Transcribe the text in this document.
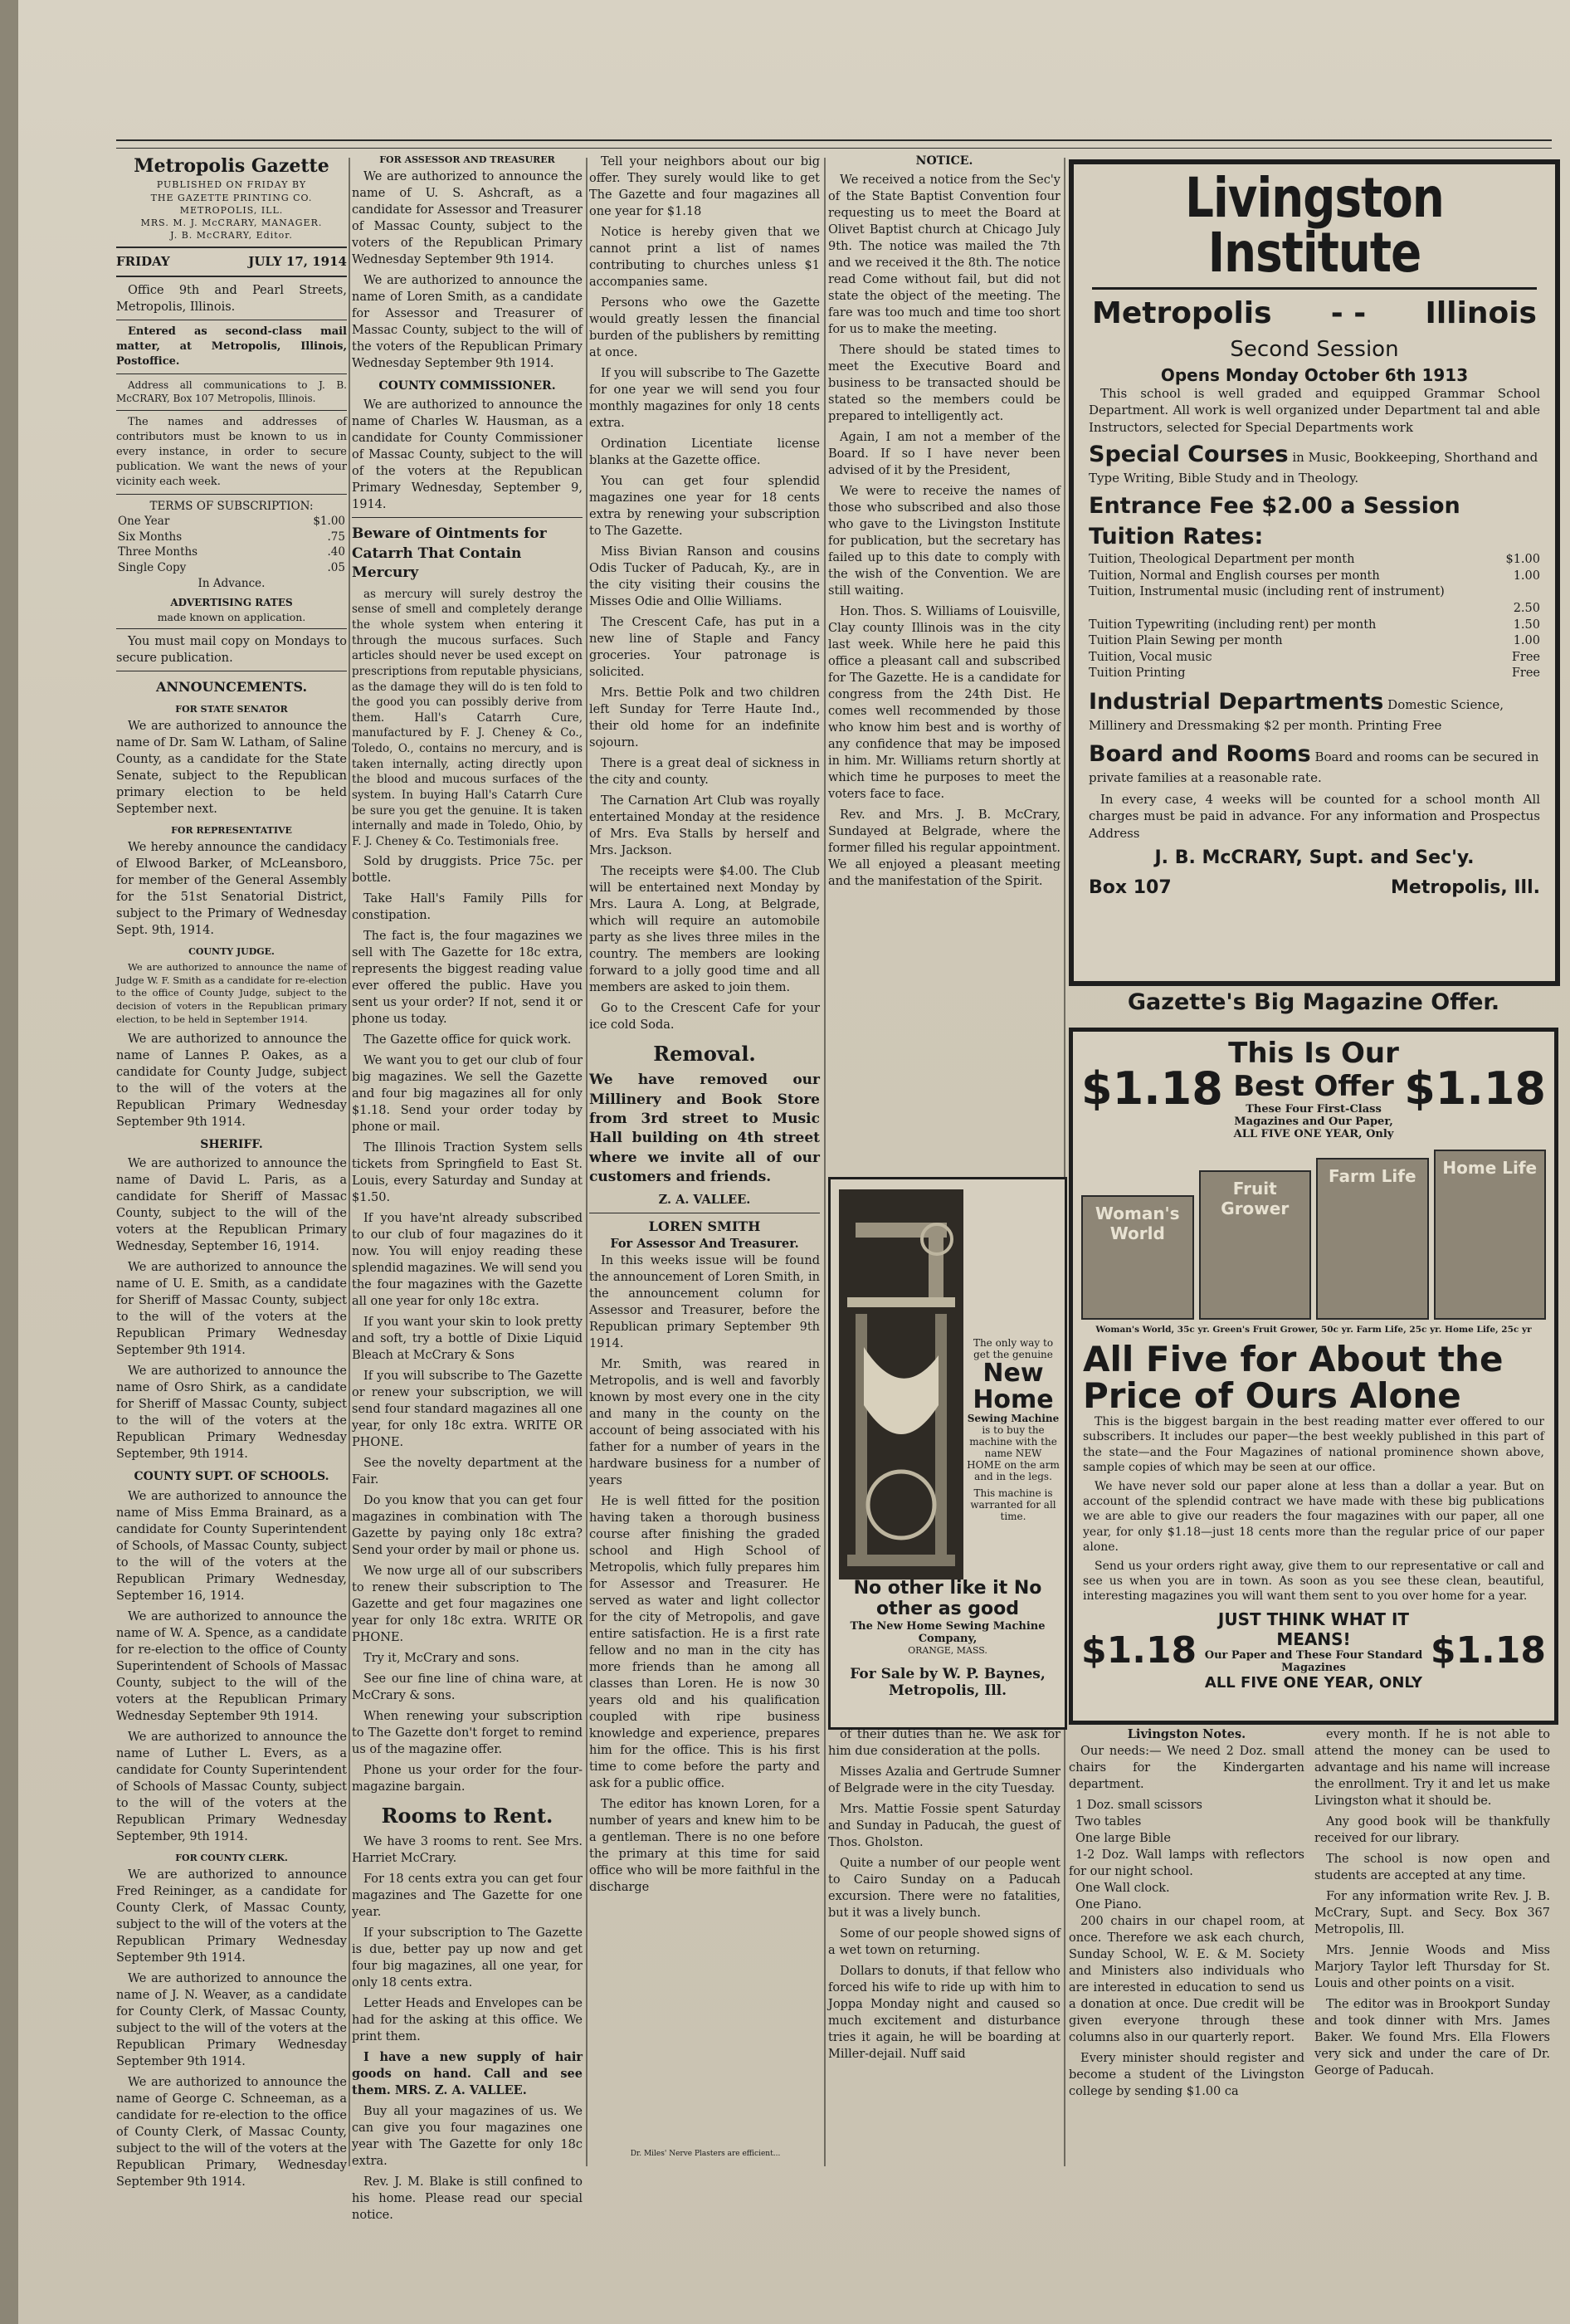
Metropolis Gazette
PUBLISHED ON FRIDAY BY
THE GAZETTE PRINTING CO.
METROPOLIS, ILL.
MRS. M. J. McCRARY, MANAGER.
J. B. McCRARY, Editor.
FRIDAY	JULY 17, 1914

Office 9th and Pearl Streets, Metropolis, Illinois.

Entered as second-class mail matter, at Metropolis, Illinois, Postoffice.

Address all communications to J. B. McCRARY, Box 107 Metropolis, Illinois.

The names and addresses of contributors must be known to us in every instance, in order to secure publication. We want the news of your vicinity each week.

TERMS OF SUBSCRIPTION:
One Year	$1.00
Six Months	.75
Three Months	.40
Single Copy	.05
In Advance.	
ADVERTISING RATES
made known on application.

You must mail copy on Mondays to secure publication.

ANNOUNCEMENTS.
FOR STATE SENATOR

We are authorized to announce the name of Dr. Sam W. Latham, of Saline County, as a candidate for the State Senate, subject to the Republican primary election to be held September next.

FOR REPRESENTATIVE

We hereby announce the candidacy of Elwood Barker, of McLeansboro, for member of the General Assembly for the 51st Senatorial District, subject to the Primary of Wednesday Sept. 9th, 1914.

COUNTY JUDGE.

We are authorized to announce the name of Judge W. F. Smith as a candidate for re-election to the office of County Judge, subject to the decision of voters in the Republican primary election, to be held in September 1914.

We are authorized to announce the name of Lannes P. Oakes, as a candidate for County Judge, subject to the will of the voters at the Republican Primary Wednesday September 9th 1914.

SHERIFF.

We are authorized to announce the name of David L. Paris, as a candidate for Sheriff of Massac County, subject to the will of the voters at the Republican Primary Wednesday, September 16, 1914.

We are authorized to announce the name of U. E. Smith, as a candidate for Sheriff of Massac County, subject to the will of the voters at the Republican Primary Wednesday September 9th 1914.

We are authorized to announce the name of Osro Shirk, as a candidate for Sheriff of Massac County, subject to the will of the voters at the Republican Primary Wednesday September, 9th 1914.

COUNTY SUPT. OF SCHOOLS.

We are authorized to announce the name of Miss Emma Brainard, as a candidate for County Superintendent of Schools, of Massac County, subject to the will of the voters at the Republican Primary Wednesday, September 16, 1914.

We are authorized to announce the name of W. A. Spence, as a candidate for re-election to the office of County Superintendent of Schools of Massac County, subject to the will of the voters at the Republican Primary Wednesday September 9th 1914.

We are authorized to announce the name of Luther L. Evers, as a candidate for County Superintendent of Schools of Massac County, subject to the will of the voters at the Republican Primary Wednesday September, 9th 1914.

FOR COUNTY CLERK.

We are authorized to announce Fred Reininger, as a candidate for County Clerk, of Massac County, subject to the will of the voters at the Republican Primary Wednesday September 9th 1914.

We are authorized to announce the name of J. N. Weaver, as a candidate for County Clerk, of Massac County, subject to the will of the voters at the Republican Primary Wednesday September 9th 1914.

We are authorized to announce the name of George C. Schneeman, as a candidate for re-election to the office of County Clerk, of Massac County, subject to the will of the voters at the Republican Primary, Wednesday September 9th 1914.

FOR ASSESSOR AND TREASURER

We are authorized to announce the name of U. S. Ashcraft, as a candidate for Assessor and Treasurer of Massac County, subject to the voters of the Republican Primary Wednesday September 9th 1914.

We are authorized to announce the name of Loren Smith, as a candidate for Assessor and Treasurer of Massac County, subject to the will of the voters of the Republican Primary Wednesday September 9th 1914.

COUNTY COMMISSIONER.

We are authorized to announce the name of Charles W. Hausman, as a candidate for County Commissioner of Massac County, subject to the will of the voters at the Republican Primary Wednesday, September 9, 1914.

Beware of Ointments for Catarrh That Contain Mercury

as mercury will surely destroy the sense of smell and completely derange the whole system when entering it through the mucous surfaces. Such articles should never be used except on prescriptions from reputable physicians, as the damage they will do is ten fold to the good you can possibly derive from them. Hall's Catarrh Cure, manufactured by F. J. Cheney & Co., Toledo, O., contains no mercury, and is taken internally, acting directly upon the blood and mucous surfaces of the system. In buying Hall's Catarrh Cure be sure you get the genuine. It is taken internally and made in Toledo, Ohio, by F. J. Cheney & Co. Testimonials free.

Sold by druggists. Price 75c. per bottle.

Take Hall's Family Pills for constipation.

The fact is, the four magazines we sell with The Gazette for 18c extra, represents the biggest reading value ever offered the public. Have you sent us your order? If not, send it or phone us today.

The Gazette office for quick work.

We want you to get our club of four big magazines. We sell the Gazette and four big magazines all for only $1.18. Send your order today by phone or mail.

The Illinois Traction System sells tickets from Springfield to East St. Louis, every Saturday and Sunday at $1.50.

If you have'nt already subscribed to our club of four magazines do it now. You will enjoy reading these splendid magazines. We will send you the four magazines with the Gazette all one year for only 18c extra.

If you want your skin to look pretty and soft, try a bottle of Dixie Liquid Bleach at McCrary & Sons

If you will subscribe to The Gazette or renew your subscription, we will send four standard magazines all one year, for only 18c extra. WRITE OR PHONE.

See the novelty department at the Fair.

Do you know that you can get four magazines in combination with The Gazette by paying only 18c extra? Send your order by mail or phone us.

We now urge all of our subscribers to renew their subscription to The Gazette and get four magazines one year for only 18c extra. WRITE OR PHONE.

Try it, McCrary and sons.

See our fine line of china ware, at McCrary & sons.

When renewing your subscription to The Gazette don't forget to remind us of the magazine offer.

Phone us your order for the four-magazine bargain.

Rooms to Rent.

We have 3 rooms to rent. See Mrs. Harriet McCrary.

For 18 cents extra you can get four magazines and The Gazette for one year.

If your subscription to The Gazette is due, better pay up now and get four big magazines, all one year, for only 18 cents extra.

Letter Heads and Envelopes can be had for the asking at this office. We print them.

I have a new supply of hair goods on hand. Call and see them. MRS. Z. A. VALLEE.

Buy all your magazines of us. We can give you four magazines one year with The Gazette for only 18c extra.

Rev. J. M. Blake is still confined to his home. Please read our special notice.

Tell your neighbors about our big offer. They surely would like to get The Gazette and four magazines all one year for $1.18

Notice is hereby given that we cannot print a list of names contributing to churches unless $1 accompanies same.

Persons who owe the Gazette would greatly lessen the financial burden of the publishers by remitting at once.

If you will subscribe to The Gazette for one year we will send you four monthly magazines for only 18 cents extra.

Ordination Licentiate license blanks at the Gazette office.

You can get four splendid magazines one year for 18 cents extra by renewing your subscription to The Gazette.

Miss Bivian Ranson and cousins Odis Tucker of Paducah, Ky., are in the city visiting their cousins the Misses Odie and Ollie Williams.

The Crescent Cafe, has put in a new line of Staple and Fancy groceries. Your patronage is solicited.

Mrs. Bettie Polk and two children left Sunday for Terre Haute Ind., their old home for an indefinite sojourn.

There is a great deal of sickness in the city and county.

The Carnation Art Club was royally entertained Monday at the residence of Mrs. Eva Stalls by herself and Mrs. Jackson.

The receipts were $4.00. The Club will be entertained next Monday by Mrs. Laura A. Long, at Belgrade, which will require an automobile party as she lives three miles in the country. The members are looking forward to a jolly good time and all members are asked to join them.

Go to the Crescent Cafe for your ice cold Soda.

Removal.

We have removed our Millinery and Book Store from 3rd street to Music Hall building on 4th street where we invite all of our customers and friends.

Z. A. VALLEE.
LOREN SMITH
For Assessor And Treasurer.

In this weeks issue will be found the announcement of Loren Smith, in the announcement column for Assessor and Treasurer, before the Republican primary September 9th 1914.

Mr. Smith, was reared in Metropolis, and is well and favorbly known by most every one in the city and many in the county on the account of being associated with his father for a number of years in the hardware business for a number of years

He is well fitted for the position having taken a thorough business course after finishing the graded school and High School of Metropolis, which fully prepares him for Assessor and Treasurer. He served as water and light collector for the city of Metropolis, and gave entire satisfaction. He is a first rate fellow and no man in the city has more friends than he among all classes than Loren. He is now 30 years old and his qualification coupled with ripe business knowledge and experience, prepares him for the office. This is his first time to come before the party and ask for a public office.

The editor has known Loren, for a number of years and knew him to be a gentleman. There is no one before the primary at this time for said office who will be more faithful in the discharge

Dr. Miles' Nerve Plasters are efficient...
NOTICE.

We received a notice from the Sec'y of the State Baptist Convention four requesting us to meet the Board at Olivet Baptist church at Chicago July 9th. The notice was mailed the 7th and we received it the 8th. The notice read Come without fail, but did not state the object of the meeting. The fare was too much and time too short for us to make the meeting.

There should be stated times to meet the Executive Board and business to be transacted should be stated so the members could be prepared to intelligently act.

Again, I am not a member of the Board. If so I have never been advised of it by the President,

We were to receive the names of those who subscribed and also those who gave to the Livingston Institute for publication, but the secretary has failed up to this date to comply with the wish of the Convention. We are still waiting.

Hon. Thos. S. Williams of Louisville, Clay county Illinois was in the city last week. While here he paid this office a pleasant call and subscribed for The Gazette. He is a candidate for congress from the 24th Dist. He comes well recommended by those who know him best and is worthy of any confidence that may be imposed in him. Mr. Williams return shortly at which time he purposes to meet the voters face to face.

Rev. and Mrs. J. B. McCrary, Sundayed at Belgrade, where the former filled his regular appointment. We all enjoyed a pleasant meeting and the manifestation of the Spirit.

The only way to get the genuine
New Home
Sewing Machine
is to buy the machine with the name NEW HOME on the arm and in the legs.
This machine is warranted for all time.
No other like it No other as good
The New Home Sewing Machine Company,
ORANGE, MASS.
For Sale by W. P. Baynes,
Metropolis, Ill.

of their duties than he. We ask for him due consideration at the polls.

Misses Azalia and Gertrude Sumner of Belgrade were in the city Tuesday.

Mrs. Mattie Fossie spent Saturday and Sunday in Paducah, the guest of Thos. Gholston.

Quite a number of our people went to Cairo Sunday on a Paducah excursion. There were no fatalities, but it was a lively bunch.

Some of our people showed signs of a wet town on returning.

Dollars to donuts, if that fellow who forced his wife to ride up with him to Joppa Monday night and caused so much excitement and disturbance tries it again, he will be boarding at Miller-dejail. Nuff said

Livingston Institute
Metropolis - - Illinois
Second Session
Opens Monday October 6th 1913

This school is well graded and equipped Grammar School Department. All work is well organized under Department tal and able Instructors, selected for Special Departments work

Special Courses in Music, Bookkeeping, Shorthand and Type Writing, Bible Study and in Theology.
Entrance Fee $2.00 a Session
Tuition Rates:
Tuition, Theological Department per month	$1.00
Tuition, Normal and English courses per month	1.00
Tuition, Instrumental music (including rent of instrument)
2.50
Tuition Typewriting (including rent) per month	1.50
Tuition Plain Sewing per month	1.00
Tuition, Vocal music	Free
Tuition Printing	Free
Industrial Departments Domestic Science, Millinery and Dressmaking $2 per month. Printing Free
Board and Rooms Board and rooms can be secured in private families at a reasonable rate.

In every case, 4 weeks will be counted for a school month All charges must be paid in advance. For any information and Prospectus Address

J. B. McCRARY, Supt. and Sec'y.
Box 107	Metropolis, Ill.
Gazette's Big Magazine Offer.
$1.18
This Is Our Best Offer
These Four First-Class Magazines and Our Paper, ALL FIVE ONE YEAR, Only
$1.18
Woman's World
Fruit Grower
Farm Life	Home Life
Woman's World, 35c yr. Green's Fruit Grower, 50c yr. Farm Life, 25c yr. Home Life, 25c yr
All Five for About the Price of Ours Alone

This is the biggest bargain in the best reading matter ever offered to our subscribers. It includes our paper—the best weekly published in this part of the state—and the Four Magazines of national prominence shown above, sample copies of which may be seen at our office.

We have never sold our paper alone at less than a dollar a year. But on account of the splendid contract we have made with these big publications we are able to give our readers the four magazines with our paper, all one year, for only $1.18—just 18 cents more than the regular price of our paper alone.

Send us your orders right away, give them to our representative or call and see us when you are in town. As soon as you see these clean, beautiful, interesting magazines you will want them sent to you over home for a year.

$1.18
JUST THINK WHAT IT MEANS!
Our Paper and These Four Standard Magazines
ALL FIVE ONE YEAR, ONLY
$1.18
Livingston Notes.

Our needs:— We need 2 Doz. small chairs for the Kindergarten department.

1 Doz. small scissors

Two tables

One large Bible

1-2 Doz. Wall lamps with reflectors for our night school.

One Wall clock.

One Piano.

200 chairs in our chapel room, at once. Therefore we ask each church, Sunday School, W. E. & M. Society and Ministers also individuals who are interested in education to send us a donation at once. Due credit will be given everyone through these columns also in our quarterly report.

Every minister should register and become a student of the Livingston college by sending $1.00 ca

every month. If he is not able to attend the money can be used to advantage and his name will increase the enrollment. Try it and let us make Livingston what it should be.

Any good book will be thankfully received for our library.

The school is now open and students are accepted at any time.

For any information write Rev. J. B. McCrary, Supt. and Secy. Box 367 Metropolis, Ill.

Mrs. Jennie Woods and Miss Marjory Taylor left Thursday for St. Louis and other points on a visit.

The editor was in Brookport Sunday and took dinner with Mrs. James Baker. We found Mrs. Ella Flowers very sick and under the care of Dr. George of Paducah.
